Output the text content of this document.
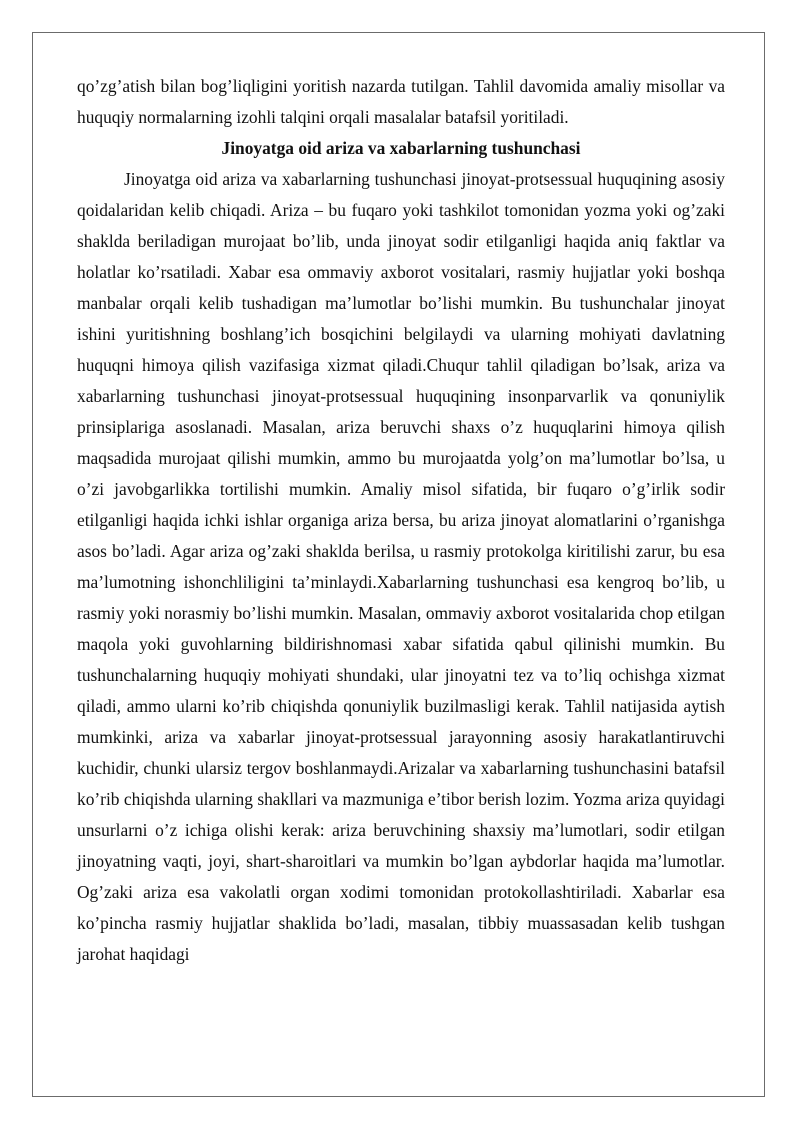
qo’zg’atish bilan bog’liqligini yoritish nazarda tutilgan. Tahlil davomida amaliy misollar va huquqiy normalarning izohli talqini orqali masalalar batafsil yoritiladi.

Jinoyatga oid ariza va xabarlarning tushunchasi

Jinoyatga oid ariza va xabarlarning tushunchasi jinoyat-protsessual huquqining asosiy qoidalaridan kelib chiqadi. Ariza – bu fuqaro yoki tashkilot tomonidan yozma yoki og’zaki shaklda beriladigan murojaat bo’lib, unda jinoyat sodir etilganligi haqida aniq faktlar va holatlar ko’rsatiladi. Xabar esa ommaviy axborot vositalari, rasmiy hujjatlar yoki boshqa manbalar orqali kelib tushadigan ma’lumotlar bo’lishi mumkin. Bu tushunchalar jinoyat ishini yuritishning boshlang’ich bosqichini belgilaydi va ularning mohiyati davlatning huquqni himoya qilish vazifasiga xizmat qiladi.Chuqur tahlil qiladigan bo’lsak, ariza va xabarlarning tushunchasi jinoyat-protsessual huquqining insonparvarlik va qonuniylik prinsiplariga asoslanadi. Masalan, ariza beruvchi shaxs o’z huquqlarini himoya qilish maqsadida murojaat qilishi mumkin, ammo bu murojaatda yolg’on ma’lumotlar bo’lsa, u o’zi javobgarlikka tortilishi mumkin. Amaliy misol sifatida, bir fuqaro o’g’irlik sodir etilganligi haqida ichki ishlar organiga ariza bersa, bu ariza jinoyat alomatlarini o’rganishga asos bo’ladi. Agar ariza og’zaki shaklda berilsa, u rasmiy protokolga kiritilishi zarur, bu esa ma’lumotning ishonchliligini ta’minlaydi.Xabarlarning tushunchasi esa kengroq bo’lib, u rasmiy yoki norasmiy bo’lishi mumkin. Masalan, ommaviy axborot vositalarida chop etilgan maqola yoki guvohlarning bildirishnomasi xabar sifatida qabul qilinishi mumkin. Bu tushunchalarning huquqiy mohiyati shundaki, ular jinoyatni tez va to’liq ochishga xizmat qiladi, ammo ularni ko’rib chiqishda qonuniylik buzilmasligi kerak. Tahlil natijasida aytish mumkinki, ariza va xabarlar jinoyat-protsessual jarayonning asosiy harakatlantiruvchi kuchidir, chunki ularsiz tergov boshlanmaydi.Arizalar va xabarlarning tushunchasini batafsil ko’rib chiqishda ularning shakllari va mazmuniga e’tibor berish lozim. Yozma ariza quyidagi unsurlarni o’z ichiga olishi kerak: ariza beruvchining shaxsiy ma’lumotlari, sodir etilgan jinoyatning vaqti, joyi, shart-sharoitlari va mumkin bo’lgan aybdorlar haqida ma’lumotlar. Og’zaki ariza esa vakolatli organ xodimi tomonidan protokollashtiriladi. Xabarlar esa ko’pincha rasmiy hujjatlar shaklida bo’ladi, masalan, tibbiy muassasadan kelib tushgan jarohat haqidagi
